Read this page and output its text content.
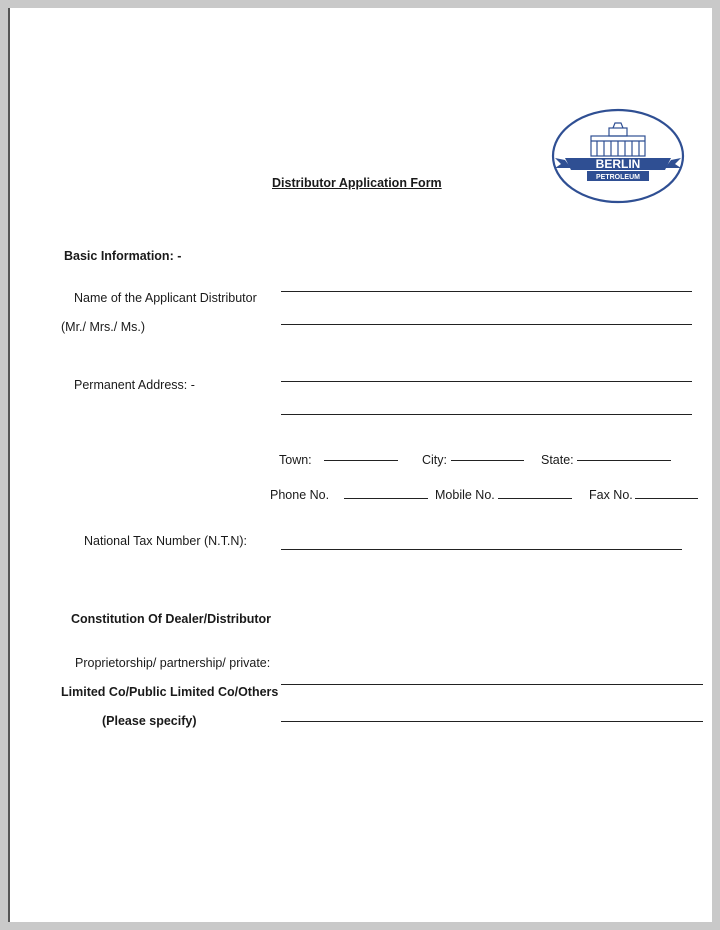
BERLIN
PETROLEUM
Distributor Application Form
Basic Information: -
Name of the Applicant Distributor
(Mr./ Mrs./ Ms.)
Permanent Address: -
Town:	City:	State:
Phone No.	Mobile No.	Fax No.
National Tax Number (N.T.N):
Constitution Of Dealer/Distributor
Proprietorship/ partnership/ private:
Limited Co/Public Limited Co/Others
(Please specify)
